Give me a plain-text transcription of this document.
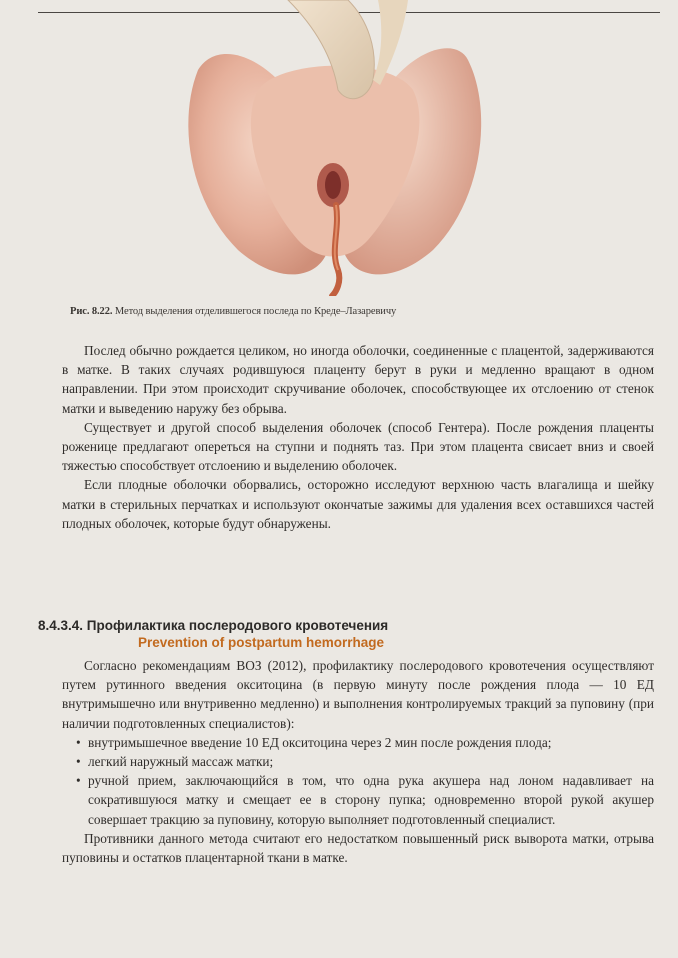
Рис. 8.22. Метод выделения отделившегося последа по Креде–Лазаревичу

Послед обычно рождается целиком, но иногда оболочки, соединенные с плацентой, задерживаются в матке. В таких случаях родившуюся плаценту берут в руки и медленно вращают в одном направлении. При этом происходит скручивание оболочек, способствующее их отслоению от стенок матки и выведению наружу без обрыва.

Существует и другой способ выделения оболочек (способ Гентера). После рождения плаценты роженице предлагают опереться на ступни и поднять таз. При этом плацента свисает вниз и своей тяжестью способствует отслоению и выделению оболочек.

Если плодные оболочки оборвались, осторожно исследуют верхнюю часть влагалища и шейку матки в стерильных перчатках и используют окончатые зажимы для удаления всех оставшихся частей плодных оболочек, которые будут обнаружены.

8.4.3.4. Профилактика послеродового кровотечения
Prevention of postpartum hemorrhage

Согласно рекомендациям ВОЗ (2012), профилактику послеродового кровотечения осуществляют путем рутинного введения окситоцина (в первую минуту после рождения плода — 10 ЕД внутримышечно или внутривенно медленно) и выполнения контролируемых тракций за пуповину (при наличии подготовленных специалистов):

• внутримышечное введение 10 ЕД окситоцина через 2 мин после рождения плода;
• легкий наружный массаж матки;
• ручной прием, заключающийся в том, что одна рука акушера над лоном надавливает на сократившуюся матку и смещает ее в сторону пупка; одновременно второй рукой акушер совершает тракцию за пуповину, которую выполняет подготовленный специалист.

Противники данного метода считают его недостатком повышенный риск выворота матки, отрыва пуповины и остатков плацентарной ткани в матке.
